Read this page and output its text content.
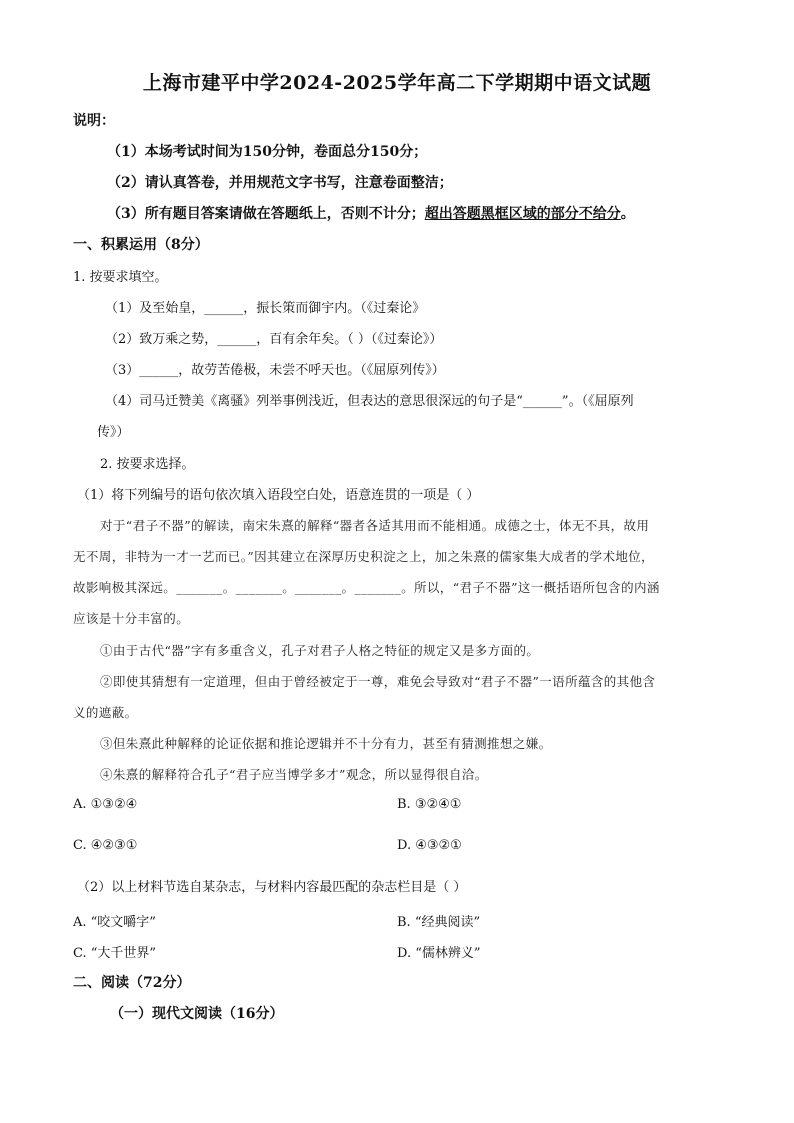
上海市建平中学2024-2025学年高二下学期期中语文试题
说明：
（1）本场考试时间为150分钟，卷面总分150分；
（2）请认真答卷，并用规范文字书写，注意卷面整洁；
（3）所有题目答案请做在答题纸上，否则不计分；超出答题黑框区域的部分不给分。
一、积累运用（8分）
1. 按要求填空。
（1）及至始皇，______，振长策而御宇内。（《过秦论》
（2）致万乘之势，______，百有余年矣。（ ）（《过秦论》）
（3）______，故劳苦倦极，未尝不呼天也。（《屈原列传》）
（4）司马迁赞美《离骚》列举事例浅近，但表达的意思很深远的句子是“______”。（《屈原列
传》）
2. 按要求选择。
（1）将下列编号的语句依次填入语段空白处，语意连贯的一项是（ ）
对于“君子不器”的解读，南宋朱熹的解释“器者各适其用而不能相通。成德之士，体无不具，故用
无不周，非特为一才一艺而已。”因其建立在深厚历史积淀之上，加之朱熹的儒家集大成者的学术地位，
故影响极其深远。_______。_______。_______。_______。所以，“君子不器”这一概括语所包含的内涵
应该是十分丰富的。
①由于古代“器”字有多重含义，孔子对君子人格之特征的规定又是多方面的。
②即使其猜想有一定道理，但由于曾经被定于一尊，难免会导致对“君子不器”一语所蕴含的其他含
义的遮蔽。
③但朱熹此种解释的论证依据和推论逻辑并不十分有力，甚至有猜测推想之嫌。
④朱熹的解释符合孔子“君子应当博学多才”观念，所以显得很自洽。
A. ①③②④	B. ③②④①
C. ④②③①	D. ④③②①
（2）以上材料节选自某杂志，与材料内容最匹配的杂志栏目是（ ）
A. “咬文嚼字”	B. “经典阅读”
C. “大千世界”	D. “儒林辨义”
二、阅读（72分）
（一）现代文阅读（16分）
